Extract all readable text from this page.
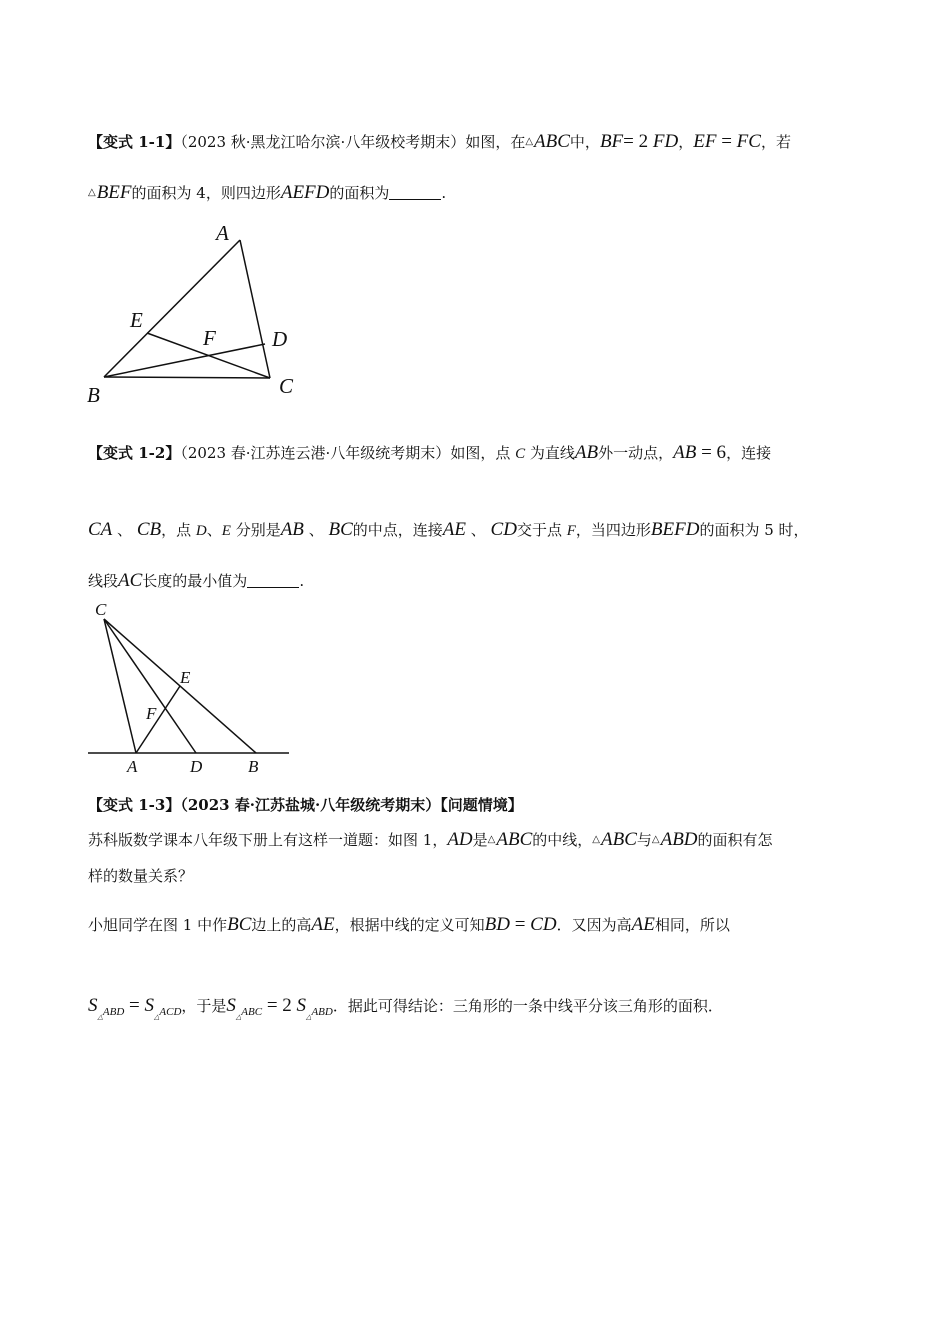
【变式 1-1】（2023 秋·黑龙江哈尔滨·八年级校考期末）如图，在△ABC中，BF= 2 FD，EF = FC，若
△BEF的面积为 4，则四边形AEFD的面积为	.
A
E
F	D
B	C
【变式 1-2】（2023 春·江苏连云港·八年级统考期末）如图，点 C 为直线AB外一动点，AB = 6，连接
CA 、 CB，点 D、E 分别是AB 、 BC的中点，连接AE 、 CD交于点 F，当四边形BEFD的面积为 5 时，
线段AC长度的最小值为	.
C
E
F
A	D	B
【变式 1-3】（2023 春·江苏盐城·八年级统考期末）【问题情境】
苏科版数学课本八年级下册上有这样一道题：如图 1，AD是△ABC的中线，△ABC与△ABD的面积有怎
样的数量关系？
小旭同学在图 1 中作BC边上的高AE，根据中线的定义可知BD = CD．又因为高AE相同，所以
$S_{_\triangle ABD} = S_{_\triangle ACD}$，于是$S_{_\triangle ABC} = 2$ $S_{_\triangle ABD}$．据此可得结论：三角形的一条中线平分该三角形的面积．
